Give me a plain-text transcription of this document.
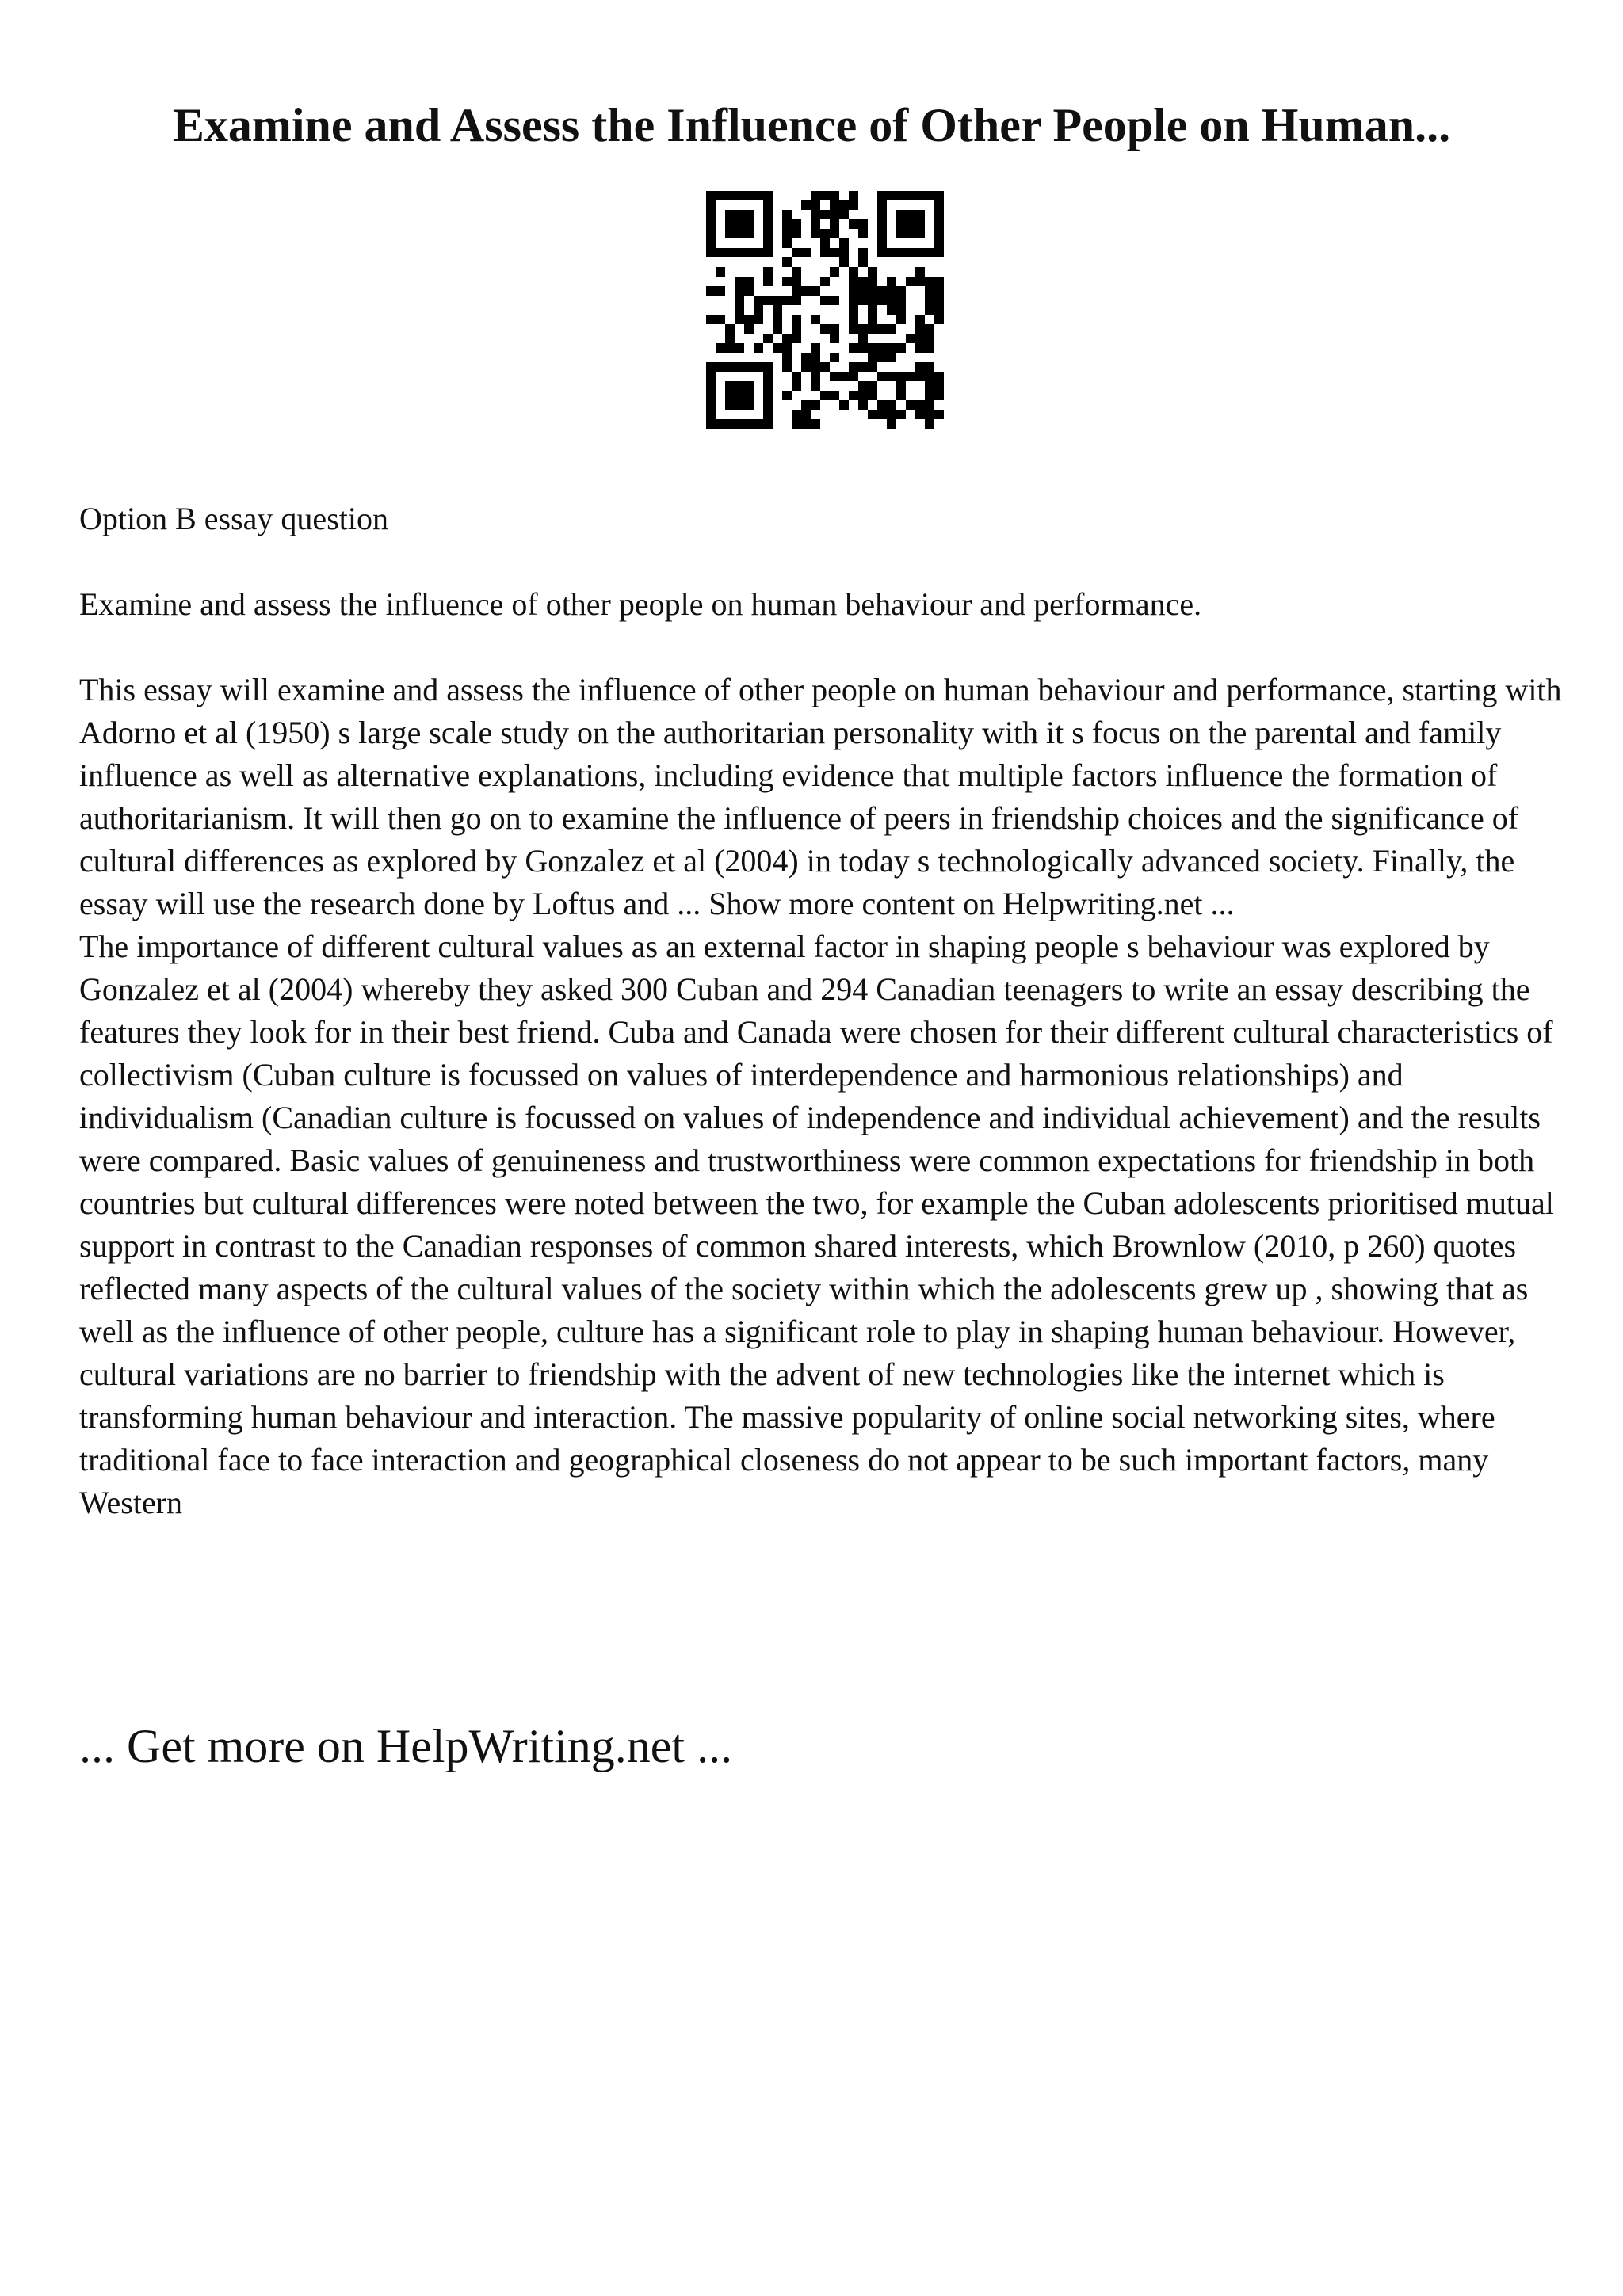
Examine and Assess the Influence of Other People on Human...

Option B essay question

Examine and assess the influence of other people on human behaviour and performance.

This essay will examine and assess the influence of other people on human behaviour and performance, starting with Adorno et al (1950) s large scale study on the authoritarian personality with it s focus on the parental and family influence as well as alternative explanations, including evidence that multiple factors influence the formation of authoritarianism. It will then go on to examine the influence of peers in friendship choices and the significance of cultural differences as explored by Gonzalez et al (2004) in today s technologically advanced society. Finally, the essay will use the research done by Loftus and ... Show more content on Helpwriting.net ...

The importance of different cultural values as an external factor in shaping people s behaviour was explored by Gonzalez et al (2004) whereby they asked 300 Cuban and 294 Canadian teenagers to write an essay describing the features they look for in their best friend. Cuba and Canada were chosen for their different cultural characteristics of collectivism (Cuban culture is focussed on values of interdependence and harmonious relationships) and individualism (Canadian culture is focussed on values of independence and individual achievement) and the results were compared. Basic values of genuineness and trustworthiness were common expectations for friendship in both countries but cultural differences were noted between the two, for example the Cuban adolescents prioritised mutual support in contrast to the Canadian responses of common shared interests, which Brownlow (2010, p 260) quotes reflected many aspects of the cultural values of the society within which the adolescents grew up , showing that as well as the influence of other people, culture has a significant role to play in shaping human behaviour. However, cultural variations are no barrier to friendship with the advent of new technologies like the internet which is transforming human behaviour and interaction. The massive popularity of online social networking sites, where traditional face to face interaction and geographical closeness do not appear to be such important factors, many Western

... Get more on HelpWriting.net ...
